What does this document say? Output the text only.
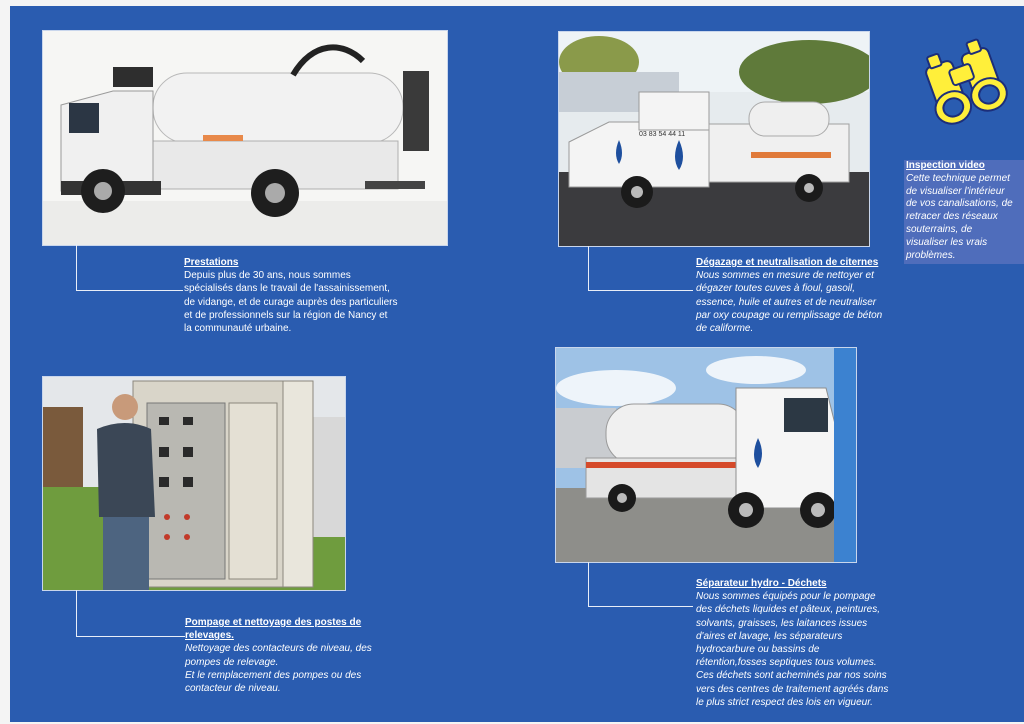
Prestations
Depuis plus de 30 ans, nous sommes
spécialisés dans le travail de l'assainissement,
de vidange, et de curage auprès des particuliers
et de professionnels sur la région de Nancy et
la communauté urbaine.
03 83 54 44 11
Dégazage et neutralisation de citernes
Nous sommes en mesure de nettoyer et
dégazer toutes cuves à fioul, gasoil,
essence, huile et autres et de neutraliser
par oxy coupage ou remplissage de béton
de califorme.
Inspection video
Cette technique permet
de visualiser l'intérieur
de vos canalisations, de
retracer des réseaux
souterrains, de
visualiser les vrais
problèmes.
Pompage et nettoyage des postes de
relevages.
Nettoyage des contacteurs de niveau, des
pompes de relevage.
Et le remplacement des pompes ou des
contacteur de niveau.
Séparateur hydro - Déchets
Nous sommes équipés pour le pompage
des déchets liquides et pâteux, peintures,
solvants, graisses, les laitances issues
d'aires et lavage, les séparateurs
hydrocarbure ou bassins de
rétention,fosses septiques tous volumes.
Ces déchets sont acheminés par nos soins
vers des centres de traitement agréés dans
le plus strict respect des lois en vigueur.
